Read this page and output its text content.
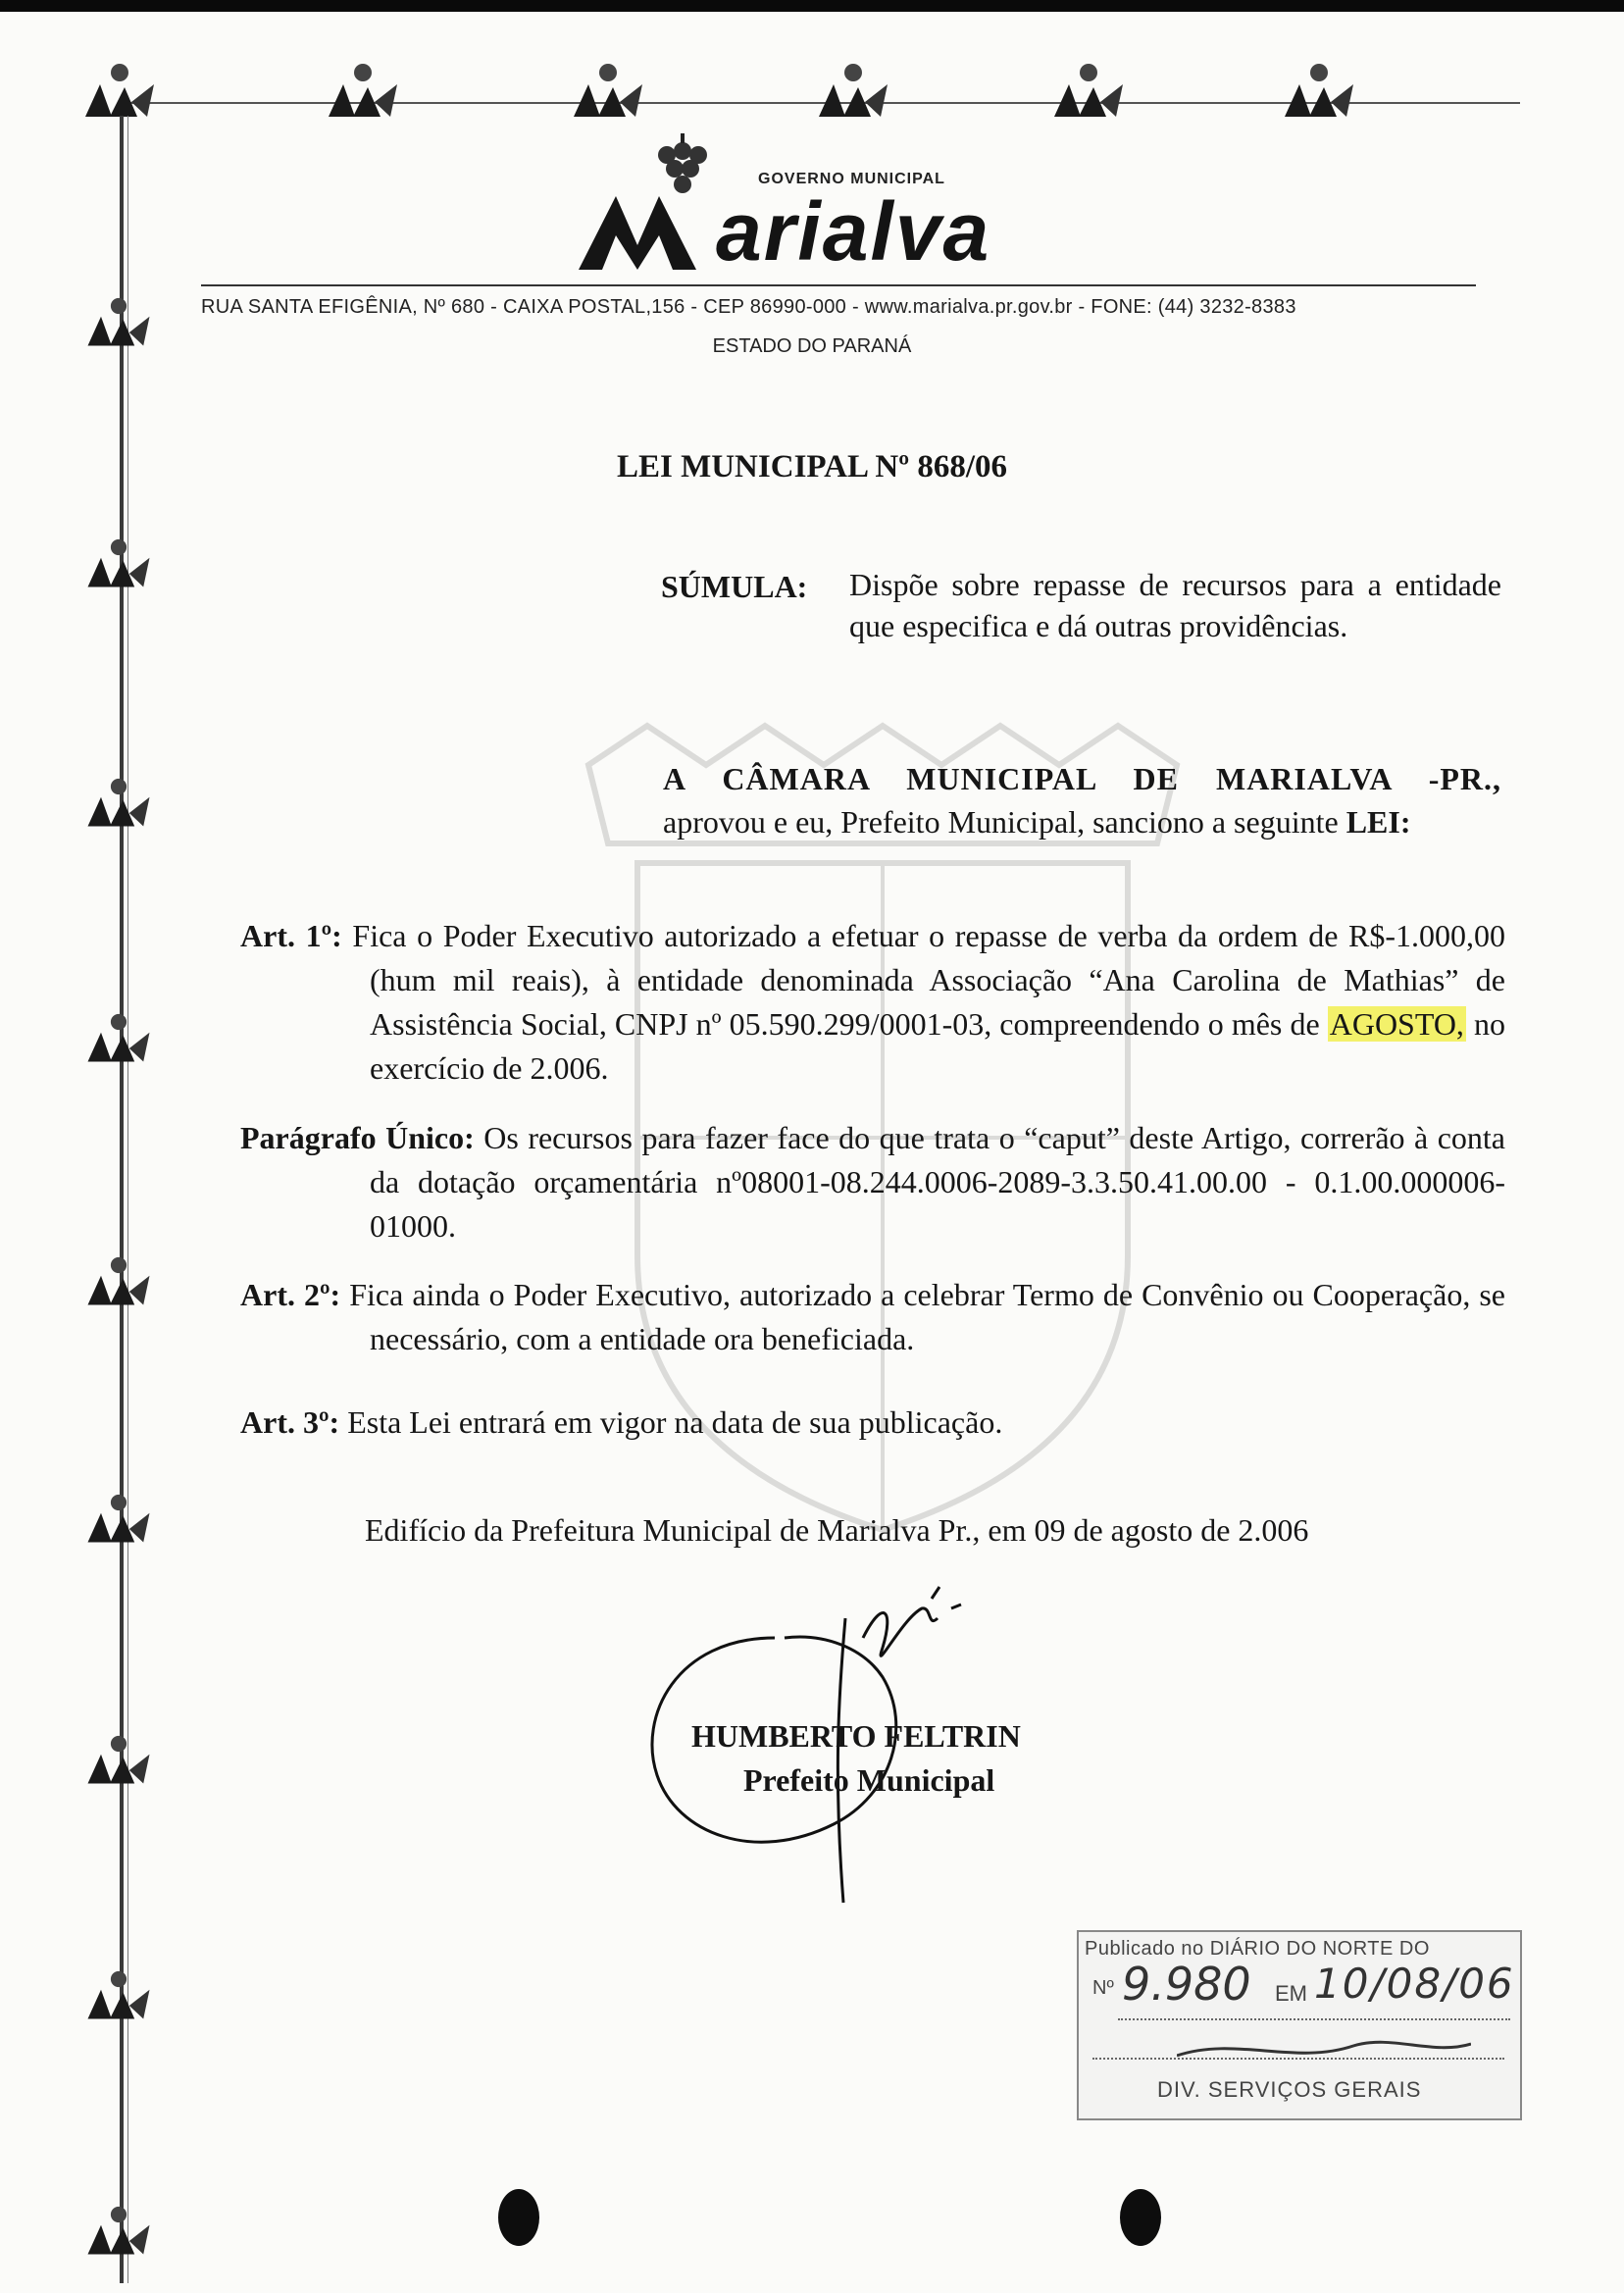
GOVERNO MUNICIPAL
arialva
RUA SANTA EFIGÊNIA, Nº 680 - CAIXA POSTAL,156 - CEP 86990-000 - www.marialva.pr.gov.br - FONE: (44) 3232-8383
ESTADO DO PARANÁ
LEI MUNICIPAL Nº 868/06
SÚMULA: Dispõe sobre repasse de recursos para a entidade que especifica e dá outras providências.
A CÂMARA MUNICIPAL DE MARIALVA -PR.,
aprovou e eu, Prefeito Municipal, sanciono a seguinte LEI:
Art. 1º: Fica o Poder Executivo autorizado a efetuar o repasse de verba da ordem de R$-1.000,00 (hum mil reais), à entidade denominada Associação “Ana Carolina de Mathias” de Assistência Social, CNPJ nº 05.590.299/0001-03, compreendendo o mês de AGOSTO, no exercício de 2.006.
Parágrafo Único: Os recursos para fazer face do que trata o “caput” deste Artigo, correrão à conta da dotação orçamentária nº08001-08.244.0006-2089-3.3.50.41.00.00 - 0.1.00.000006-01000.
Art. 2º: Fica ainda o Poder Executivo, autorizado a celebrar Termo de Convênio ou Cooperação, se necessário, com a entidade ora beneficiada.
Art. 3º: Esta Lei entrará em vigor na data de sua publicação.
Edifício da Prefeitura Municipal de Marialva Pr., em 09 de agosto de 2.006
HUMBERTO FELTRIN
Prefeito Municipal
Publicado no DIÁRIO DO NORTE DO
Nº 9.980 EM 10/08/06
DIV. SERVIÇOS GERAIS
